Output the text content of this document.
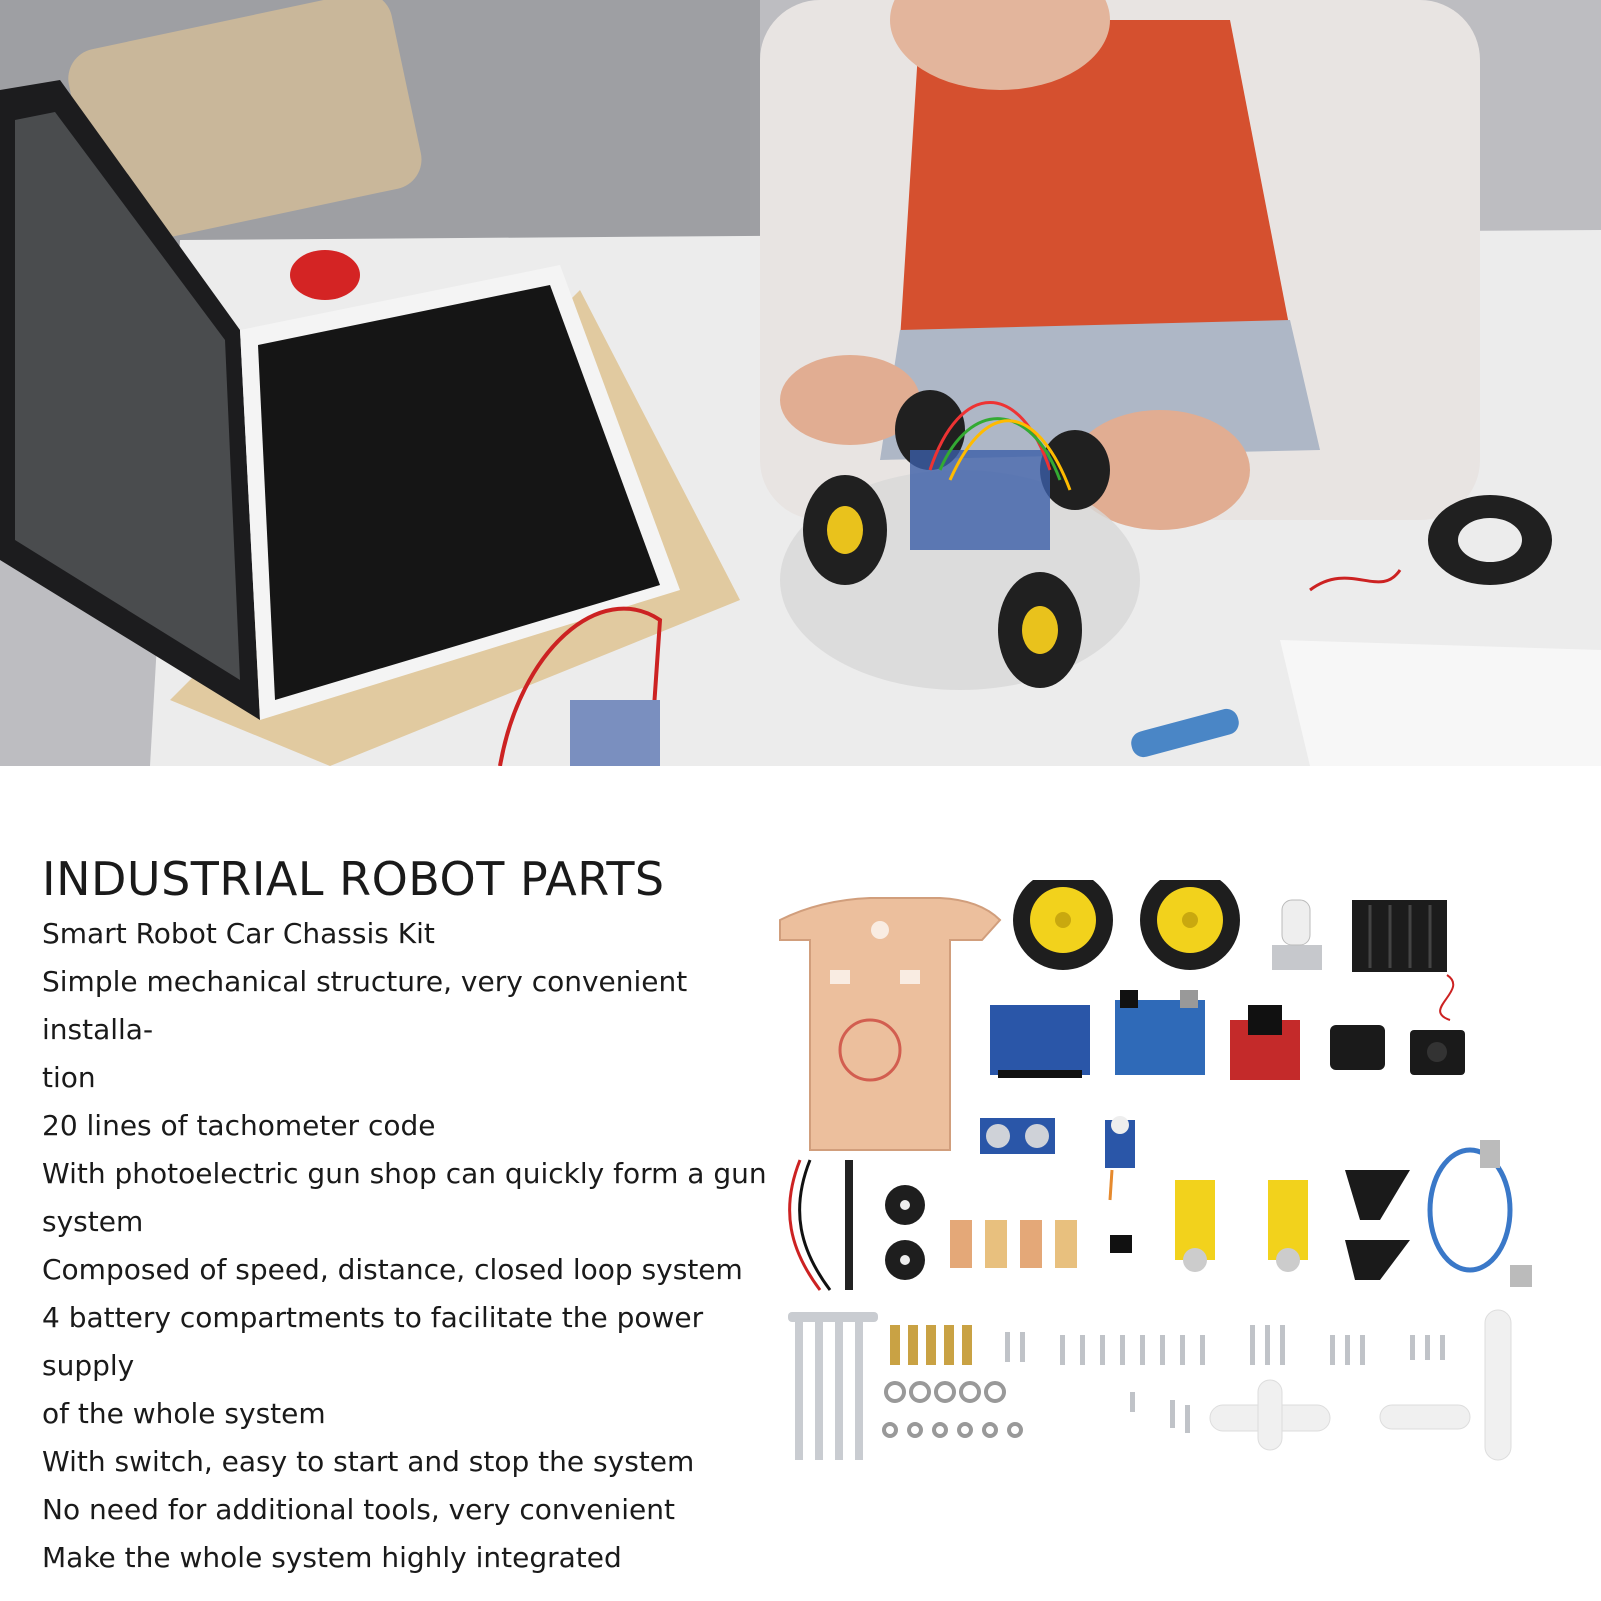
INDUSTRIAL ROBOT PARTS

Smart Robot Car Chassis Kit

Simple mechanical structure, very convenient installa-

tion

20 lines of tachometer code

With photoelectric gun shop can quickly form a gun

system

Composed of speed, distance, closed loop system

4 battery compartments to facilitate the power supply

of the whole system

With switch, easy to start and stop the system

No need for additional tools, very convenient

Make the whole system highly integrated
